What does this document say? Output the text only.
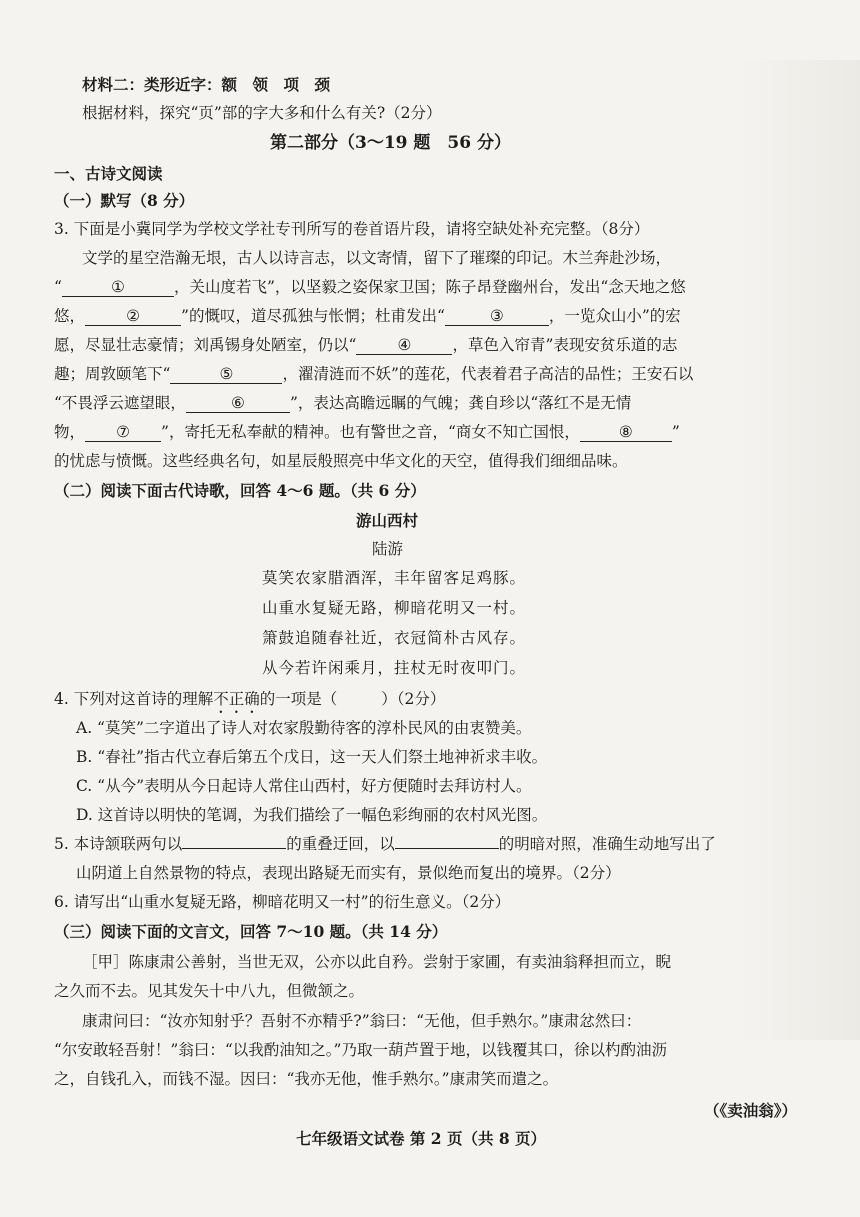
材料二：类形近字：额　领　项　颈
根据材料，探究“页”部的字大多和什么有关?（2分）
第二部分（3～19 题　56 分）
一、古诗文阅读
（一）默写（8 分）
3. 下面是小冀同学为学校文学社专刊所写的卷首语片段，请将空缺处补充完整。（8分）
文学的星空浩瀚无垠，古人以诗言志，以文寄情，留下了璀璨的印记。木兰奔赴沙场，
“	①	，关山度若飞”，以坚毅之姿保家卫国；陈子昂登幽州台，发出“念天地之悠
悠，	②	”的慨叹，道尽孤独与怅惘；杜甫发出“	③	，一览众山小”的宏
愿，尽显壮志豪情；刘禹锡身处陋室，仍以“	④	，草色入帘青”表现安贫乐道的志
趣；周敦颐笔下“	⑤	，濯清涟而不妖”的莲花，代表着君子高洁的品性；王安石以
“不畏浮云遮望眼，	⑥	”，表达高瞻远瞩的气魄；龚自珍以“落红不是无情
物， ⑦ ”，寄托无私奉献的精神。也有警世之音，“商女不知亡国恨，	⑧	”
的忧虑与愤慨。这些经典名句，如星辰般照亮中华文化的天空，值得我们细细品味。
（二）阅读下面古代诗歌，回答 4～6 题。（共 6 分）
游山西村
陆游
莫笑农家腊酒浑，丰年留客足鸡豚。
山重水复疑无路，柳暗花明又一村。
箫鼓追随春社近，衣冠简朴古风存。
从今若许闲乘月，拄杖无时夜叩门。
4. 下列对这首诗的理解不正确的一项是（	）（2分）
A. “莫笑”二字道出了诗人对农家殷勤待客的淳朴民风的由衷赞美。
B. “春社”指古代立春后第五个戊日，这一天人们祭土地神祈求丰收。
C. “从今”表明从今日起诗人常住山西村，好方便随时去拜访村人。
D. 这首诗以明快的笔调，为我们描绘了一幅色彩绚丽的农村风光图。
5. 本诗颔联两句以	的重叠迂回，以	的明暗对照，准确生动地写出了
山阴道上自然景物的特点，表现出路疑无而实有，景似绝而复出的境界。（2分）
6. 请写出“山重水复疑无路，柳暗花明又一村”的衍生意义。（2分）
（三）阅读下面的文言文，回答 7～10 题。（共 14 分）
［甲］陈康肃公善射，当世无双，公亦以此自矜。尝射于家圃，有卖油翁释担而立，睨
之久而不去。见其发矢十中八九，但微颔之。
康肃问曰：“汝亦知射乎？吾射不亦精乎?”翁曰：“无他，但手熟尔。”康肃忿然曰：
“尔安敢轻吾射！”翁曰：“以我酌油知之。”乃取一葫芦置于地，以钱覆其口，徐以杓酌油沥
之，自钱孔入，而钱不湿。因曰：“我亦无他，惟手熟尔。”康肃笑而遣之。
（《卖油翁》）
七年级语文试卷 第 2 页（共 8 页）
